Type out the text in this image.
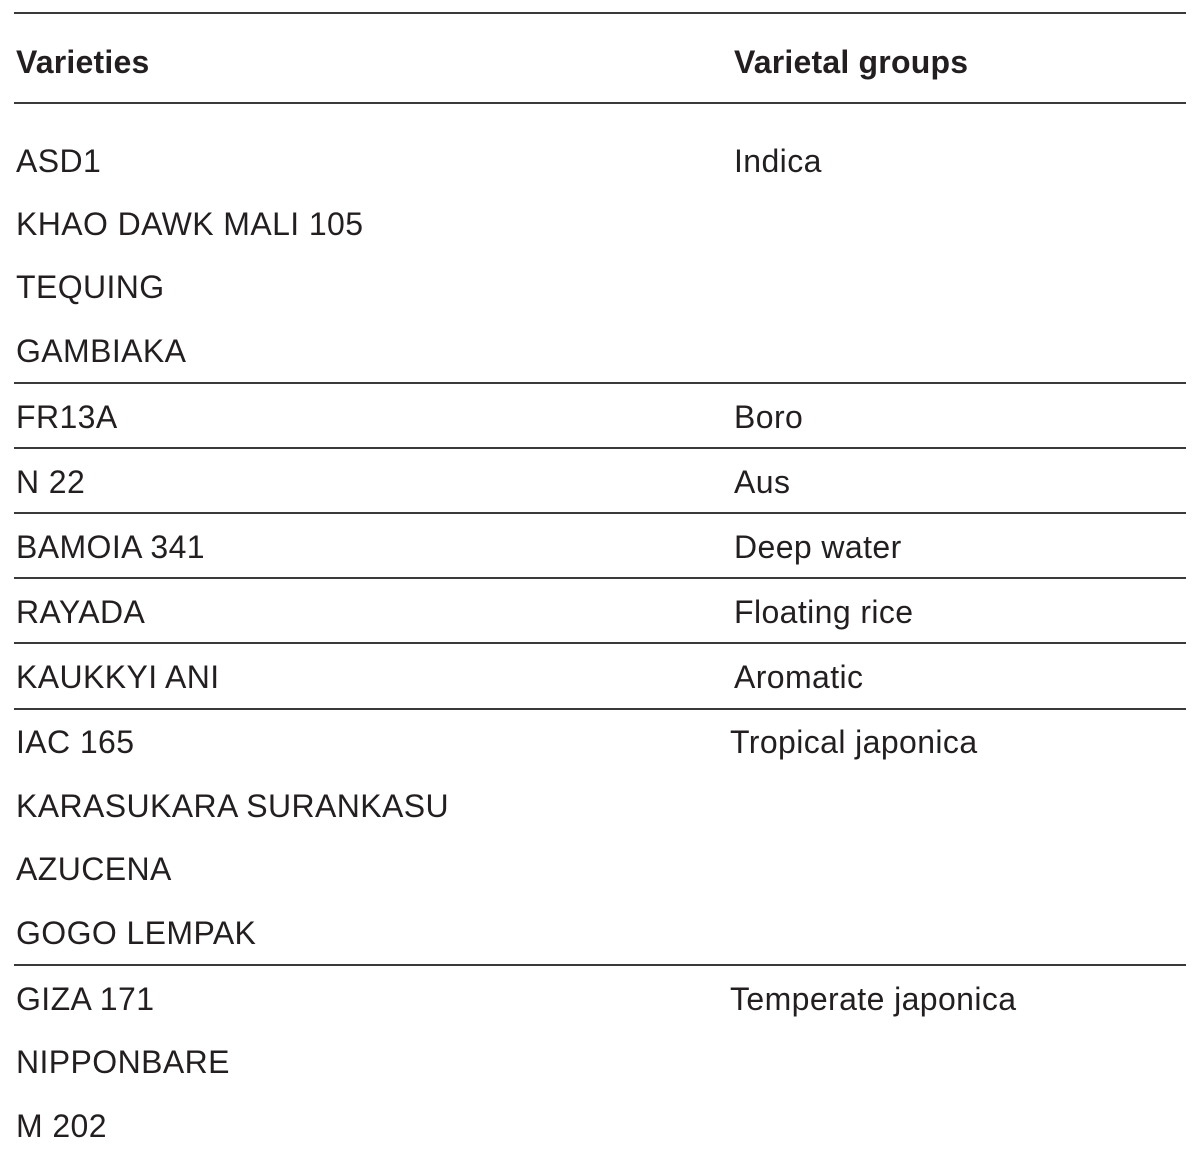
Varieties	Varietal groups
ASD1	Indica
KHAO DAWK MALI 105
TEQUING
GAMBIAKA
FR13A	Boro
N 22	Aus
BAMOIA 341	Deep water
RAYADA	Floating rice
KAUKKYI ANI	Aromatic
IAC 165	Tropical japonica
KARASUKARA SURANKASU
AZUCENA
GOGO LEMPAK
GIZA 171	Temperate japonica
NIPPONBARE
M 202
